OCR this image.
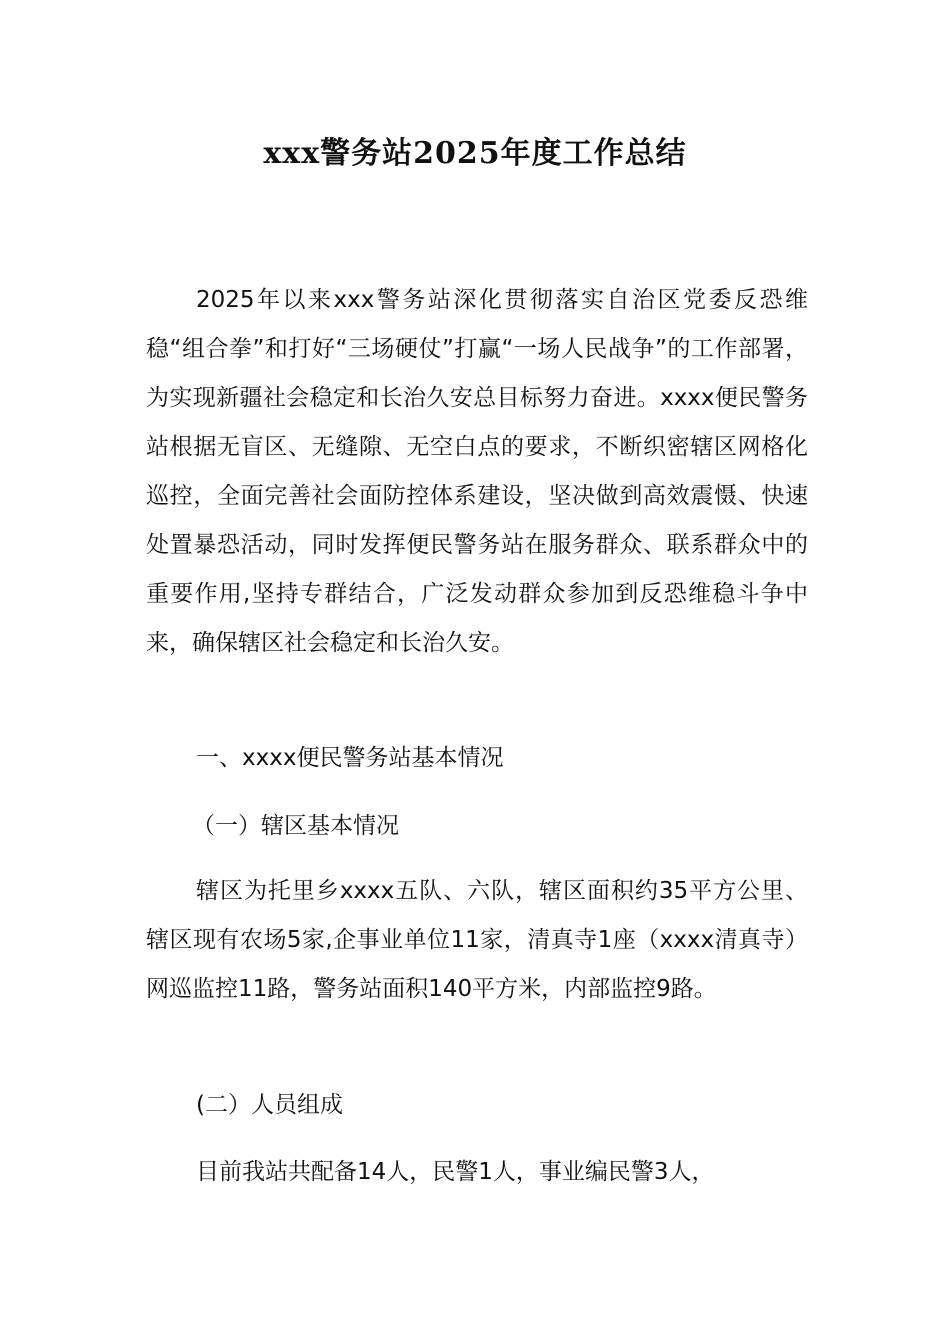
xxx警务站2025年度工作总结

2025年以来xxx警务站深化贯彻落实自治区党委反恐维稳“组合拳”和打好“三场硬仗”打赢“一场人民战争”的工作部署，为实现新疆社会稳定和长治久安总目标努力奋进。xxxx便民警务站根据无盲区、无缝隙、无空白点的要求，不断织密辖区网格化巡控，全面完善社会面防控体系建设，坚决做到高效震慑、快速处置暴恐活动，同时发挥便民警务站在服务群众、联系群众中的重要作用,坚持专群结合，广泛发动群众参加到反恐维稳斗争中来，确保辖区社会稳定和长治久安。

一、xxxx便民警务站基本情况

（一）辖区基本情况

辖区为托里乡xxxx五队、六队，辖区面积约35平方公里、辖区现有农场5家,企事业单位11家，清真寺1座（xxxx清真寺）网巡监控11路，警务站面积140平方米，内部监控9路。

(二）人员组成

目前我站共配备14人，民警1人，事业编民警3人，
